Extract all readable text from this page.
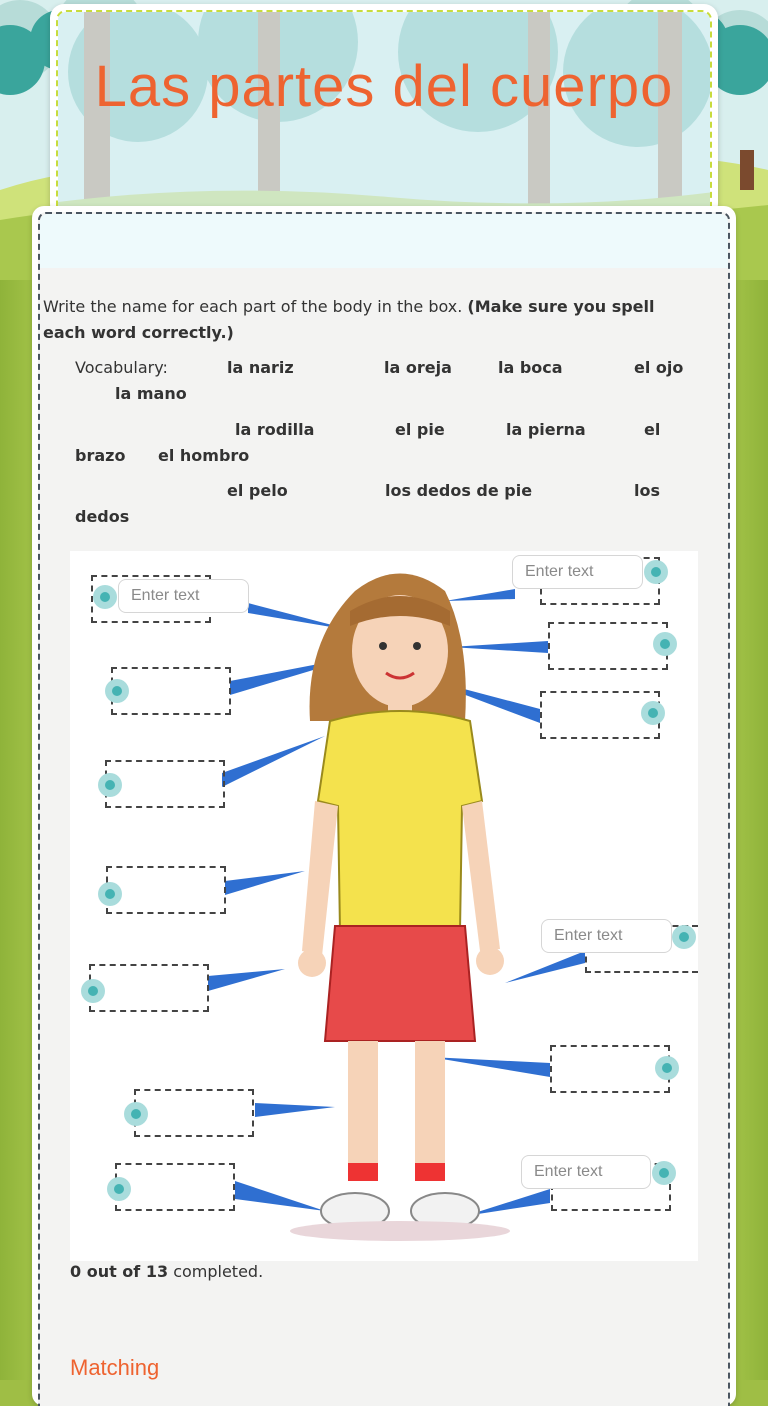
Las partes del cuerpo
Write the name for each part of the body in the box. (Make sure you spell each word correctly.)
Vocabulary:	la nariz	la oreja	la boca	el ojo
la mano
la rodilla	el pie	la pierna	el
brazo el hombro
el pelo	los dedos de pie	los
dedos
Enter text
Enter text
Enter text
Enter text
0 out of 13 completed.
Matching
